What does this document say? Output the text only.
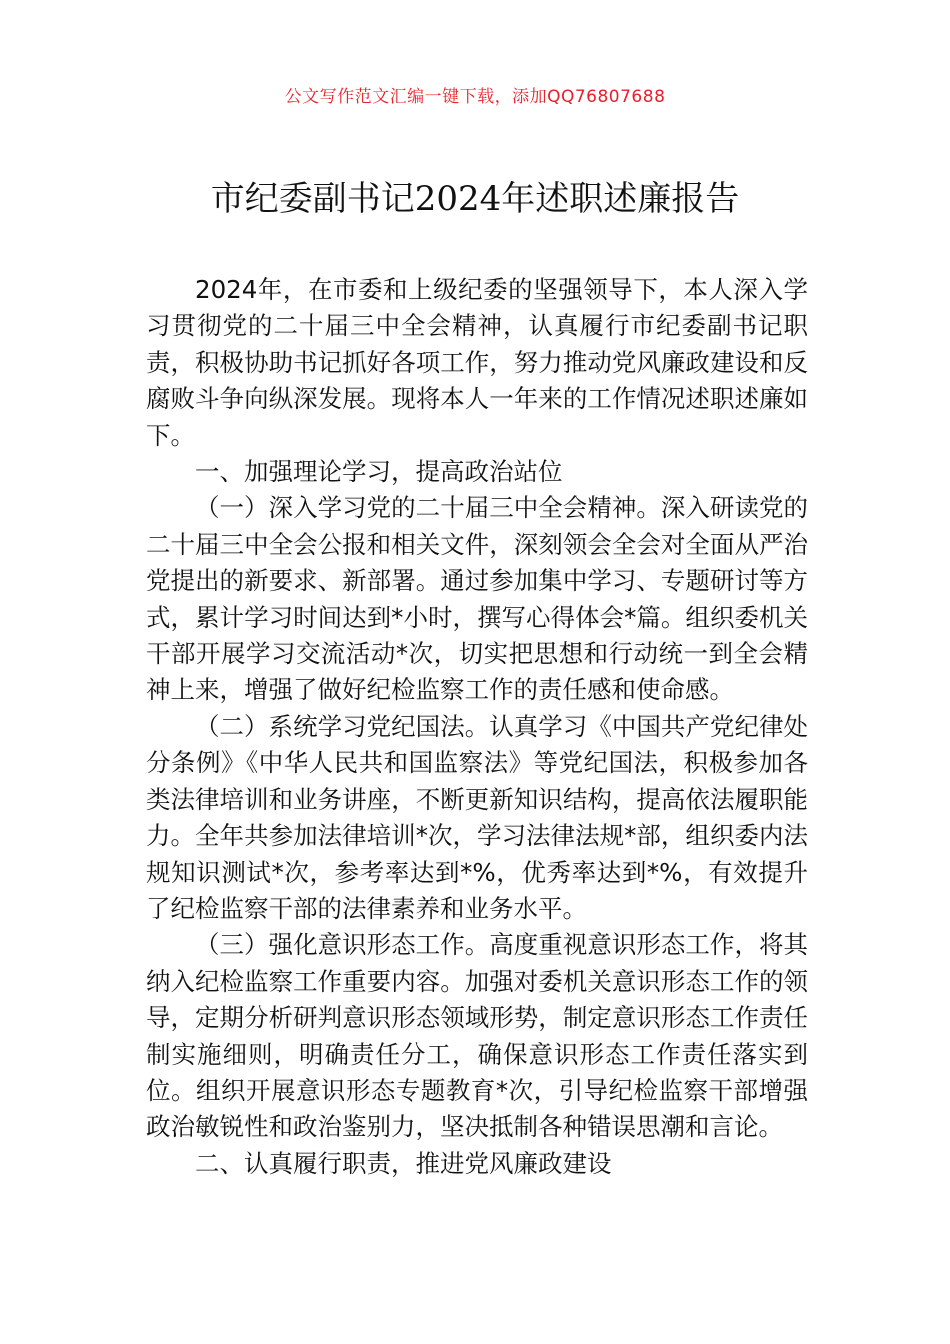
公文写作范文汇编一键下载，添加QQ76807688
市纪委副书记2024年述职述廉报告

2024年，在市委和上级纪委的坚强领导下，本人深入学习贯彻党的二十届三中全会精神，认真履行市纪委副书记职责，积极协助书记抓好各项工作，努力推动党风廉政建设和反腐败斗争向纵深发展。现将本人一年来的工作情况述职述廉如下。

一、加强理论学习，提高政治站位

（一）深入学习党的二十届三中全会精神。深入研读党的二十届三中全会公报和相关文件，深刻领会全会对全面从严治党提出的新要求、新部署。通过参加集中学习、专题研讨等方式，累计学习时间达到*小时，撰写心得体会*篇。组织委机关干部开展学习交流活动*次，切实把思想和行动统一到全会精神上来，增强了做好纪检监察工作的责任感和使命感。

（二）系统学习党纪国法。认真学习《中国共产党纪律处分条例》《中华人民共和国监察法》等党纪国法，积极参加各类法律培训和业务讲座，不断更新知识结构，提高依法履职能力。全年共参加法律培训*次，学习法律法规*部，组织委内法规知识测试*次，参考率达到*%，优秀率达到*%，有效提升了纪检监察干部的法律素养和业务水平。

（三）强化意识形态工作。高度重视意识形态工作，将其纳入纪检监察工作重要内容。加强对委机关意识形态工作的领导，定期分析研判意识形态领域形势，制定意识形态工作责任制实施细则，明确责任分工，确保意识形态工作责任落实到位。组织开展意识形态专题教育*次，引导纪检监察干部增强政治敏锐性和政治鉴别力，坚决抵制各种错误思潮和言论。

二、认真履行职责，推进党风廉政建设
